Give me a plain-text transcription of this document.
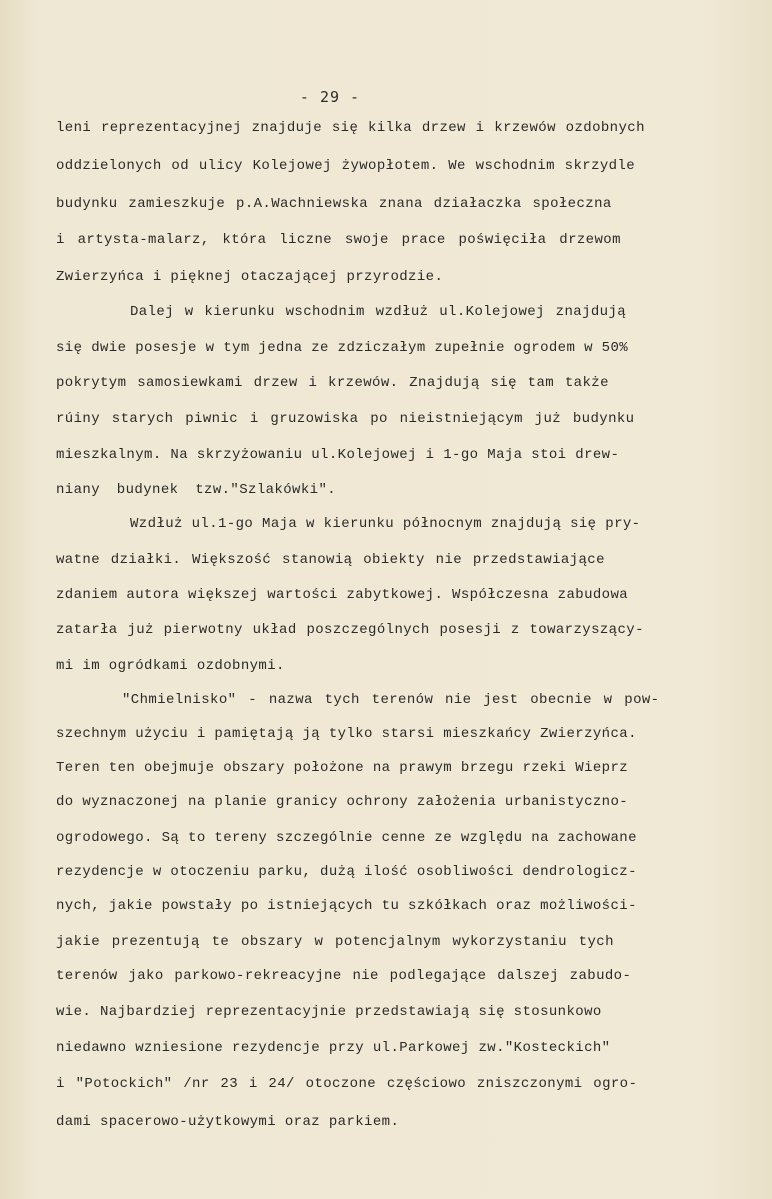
- 29 -
leni reprezentacyjnej znajduje się kilka drzew i krzewów ozdobnych
oddzielonych od ulicy Kolejowej żywopłotem. We wschodnim skrzydle
budynku zamieszkuje p.A.Wachniewska znana działaczka społeczna
i artysta-malarz, która liczne swoje prace poświęciła drzewom
Zwierzyńca i pięknej otaczającej przyrodzie.
Dalej w kierunku wschodnim wzdłuż ul.Kolejowej znajdują
się dwie posesje w tym jedna ze zdziczałym zupełnie ogrodem w 50%
pokrytym samosiewkami drzew i krzewów. Znajdują się tam także
rúiny starych piwnic i gruzowiska po nieistniejącym już budynku
mieszkalnym. Na skrzyżowaniu ul.Kolejowej i 1-go Maja stoi drew-
niany budynek tzw."Szlakówki".
Wzdłuż ul.1-go Maja w kierunku północnym znajdują się pry-
watne działki. Większość stanowią obiekty nie przedstawiające
zdaniem autora większej wartości zabytkowej. Współczesna zabudowa
zatarła już pierwotny układ poszczególnych posesji z towarzyszący-
mi im ogródkami ozdobnymi.
"Chmielnisko" - nazwa tych terenów nie jest obecnie w pow-
szechnym użyciu i pamiętają ją tylko starsi mieszkańcy Zwierzyńca.
Teren ten obejmuje obszary położone na prawym brzegu rzeki Wieprz
do wyznaczonej na planie granicy ochrony założenia urbanistyczno-
ogrodowego. Są to tereny szczególnie cenne ze względu na zachowane
rezydencje w otoczeniu parku, dużą ilość osobliwości dendrologicz-
nych, jakie powstały po istniejących tu szkółkach oraz możliwości-
jakie prezentują te obszary w potencjalnym wykorzystaniu tych
terenów jako parkowo-rekreacyjne nie podlegające dalszej zabudo-
wie. Najbardziej reprezentacyjnie przedstawiają się stosunkowo
niedawno wzniesione rezydencje przy ul.Parkowej zw."Kosteckich"
i "Potockich" /nr 23 i 24/ otoczone częściowo zniszczonymi ogro-
dami spacerowo-użytkowymi oraz parkiem.
